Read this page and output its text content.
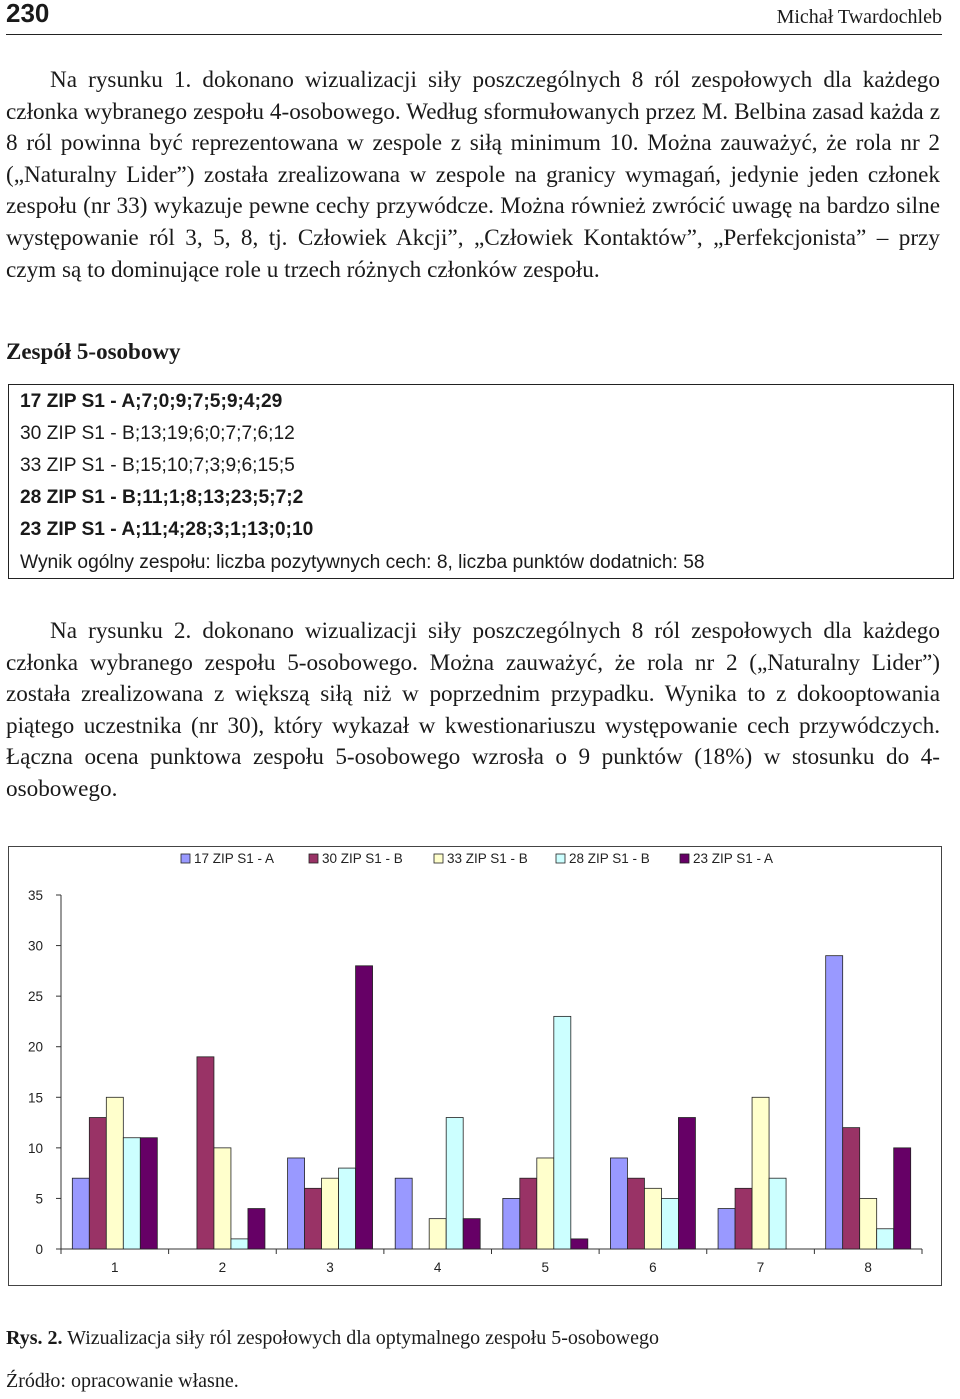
230	Michał Twardochleb

Na rysunku 1. dokonano wizualizacji siły poszczególnych 8 ról zespołowych dla każdego członka wybranego zespołu 4-osobowego. Według sformułowanych przez M. Belbina zasad każda z 8 ról powinna być reprezentowana w zespole z siłą minimum 10. Można zauważyć, że rola nr 2 („Naturalny Lider”) została zrealizowana w zespole na granicy wymagań, jedynie jeden członek zespołu (nr 33) wykazuje pewne cechy przywódcze. Można również zwrócić uwagę na bardzo silne występowanie ról 3, 5, 8, tj. Człowiek Akcji”, „Człowiek Kontaktów”, „Perfekcjonista” – przy czym są to dominujące role u trzech różnych członków zespołu.

Zespół 5-osobowy
17 ZIP S1 - A;7;0;9;7;5;9;4;29
30 ZIP S1 - B;13;19;6;0;7;7;6;12
33 ZIP S1 - B;15;10;7;3;9;6;15;5
28 ZIP S1 - B;11;1;8;13;23;5;7;2
23 ZIP S1 - A;11;4;28;3;1;13;0;10
Wynik ogólny zespołu: liczba pozytywnych cech: 8, liczba punktów dodatnich: 58

Na rysunku 2. dokonano wizualizacji siły poszczególnych 8 ról zespołowych dla każdego członka wybranego zespołu 5-osobowego. Można zauważyć, że rola nr 2 („Naturalny Lider”) została zrealizowana z większą siłą niż w poprzednim przypadku. Wynika to z dokooptowania piątego uczestnika (nr 30), który wykazał w kwestionariuszu występowanie cech przywódczych. Łączna ocena punktowa zespołu 5-osobowego wzrosła o 9 punktów (18%) w stosunku do 4-osobowego.

0
5
10
15
20
25
30
35
1	2	3	4	5	6	7	8
17 ZIP S1 - A	30 ZIP S1 - B	33 ZIP S1 - B	28 ZIP S1 - B	23 ZIP S1 - A
Rys. 2. Wizualizacja siły ról zespołowych dla optymalnego zespołu 5-osobowego
Źródło: opracowanie własne.
